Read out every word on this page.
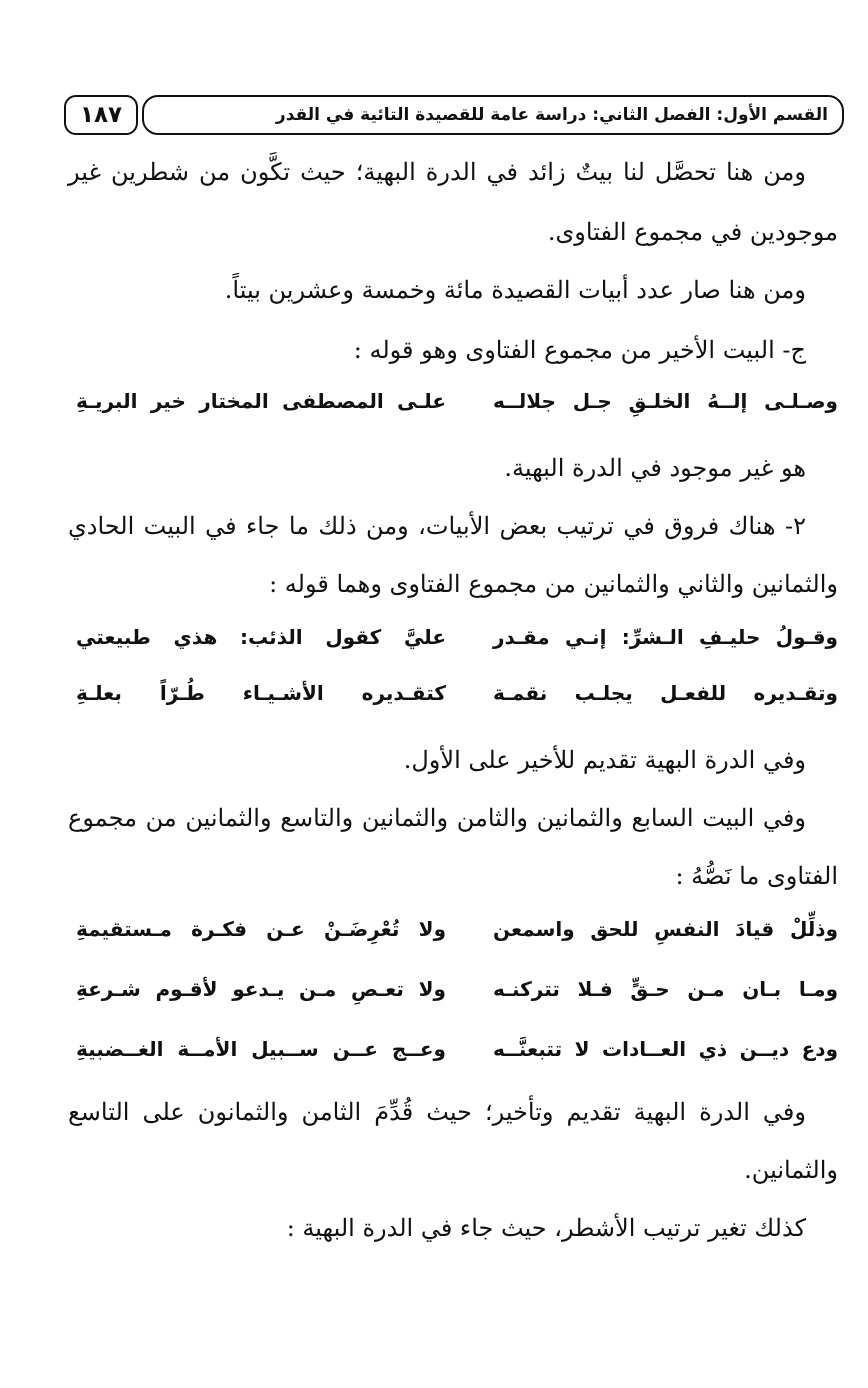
القسم الأول: الفصل الثاني: دراسة عامة للقصيدة التائية في القدر
١٨٧
ومن هنا تحصَّل لنا بيتٌ زائد في الدرة البهية؛ حيث تكَّون من شطرين غير
موجودين في مجموع الفتاوى.
ومن هنا صار عدد أبيات القصيدة مائة وخمسة وعشرين بيتاً.
ج- البيت الأخير من مجموع الفتاوى وهو قوله :
وصـلـى إلــهُ الخلـقِ جـل جلالــه
علـى المصطفى المختار خير البريـةِ
هو غير موجود في الدرة البهية.
٢- هناك فروق في ترتيب بعض الأبيات، ومن ذلك ما جاء في البيت الحادي
والثمانين والثاني والثمانين من مجموع الفتاوى وهما قوله :
وقـولُ حليـفِ الـشرِّ: إنـي مقـدر
عليَّ كقول الذئب: هذي طبيعتي
وتقـديره للفعـل يجلـب نقمـة
كتقـديره الأشـيـاء طُـرّاً بعلـةِ
وفي الدرة البهية تقديم للأخير على الأول.
وفي البيت السابع والثمانين والثامن والثمانين والتاسع والثمانين من مجموع
الفتاوى ما نَصُّهُ :
وذلِّلْ قيادَ النفسِ للحق واسمعن
ولا تُعْرِضَـنْ عـن فكـرة مـستقيمةِ
ومـا بـان مـن حـقٍّ فـلا تتركنـه
ولا تعـصِ مـن يـدعو لأقـوم شـرعةِ
ودع ديــن ذي العــادات لا تتبعنَّــه
وعــج عــن ســبيل الأمــة الغــضبيةِ
وفي الدرة البهية تقديم وتأخير؛ حيث قُدِّمَ الثامن والثمانون على التاسع
والثمانين.
كذلك تغير ترتيب الأشطر، حيث جاء في الدرة البهية :
